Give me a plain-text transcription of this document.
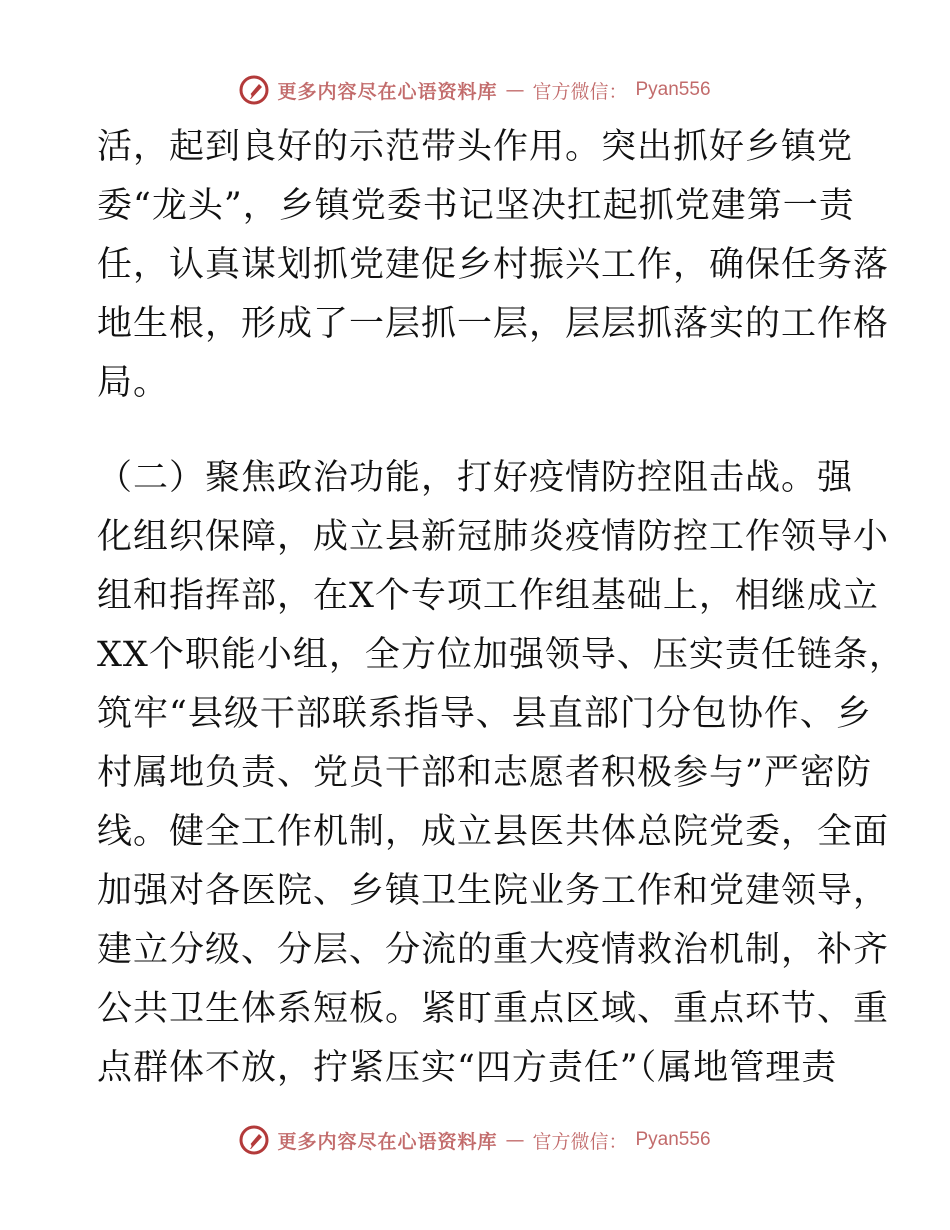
更多内容尽在心语资料库 — 官方微信： Pyan556
活，起到良好的示范带头作用。突出抓好乡镇党
委“龙头”，乡镇党委书记坚决扛起抓党建第一责
任，认真谋划抓党建促乡村振兴工作，确保任务落
地生根，形成了一层抓一层，层层抓落实的工作格
局。
（二）聚焦政治功能，打好疫情防控阻击战。强
化组织保障，成立县新冠肺炎疫情防控工作领导小
组和指挥部，在X个专项工作组基础上，相继成立
XX个职能小组，全方位加强领导、压实责任链条，
筑牢“县级干部联系指导、县直部门分包协作、乡
村属地负责、党员干部和志愿者积极参与”严密防
线。健全工作机制，成立县医共体总院党委，全面
加强对各医院、乡镇卫生院业务工作和党建领导，
建立分级、分层、分流的重大疫情救治机制，补齐
公共卫生体系短板。紧盯重点区域、重点环节、重
点群体不放，拧紧压实“四方责任”（属地管理责
更多内容尽在心语资料库 — 官方微信： Pyan556
